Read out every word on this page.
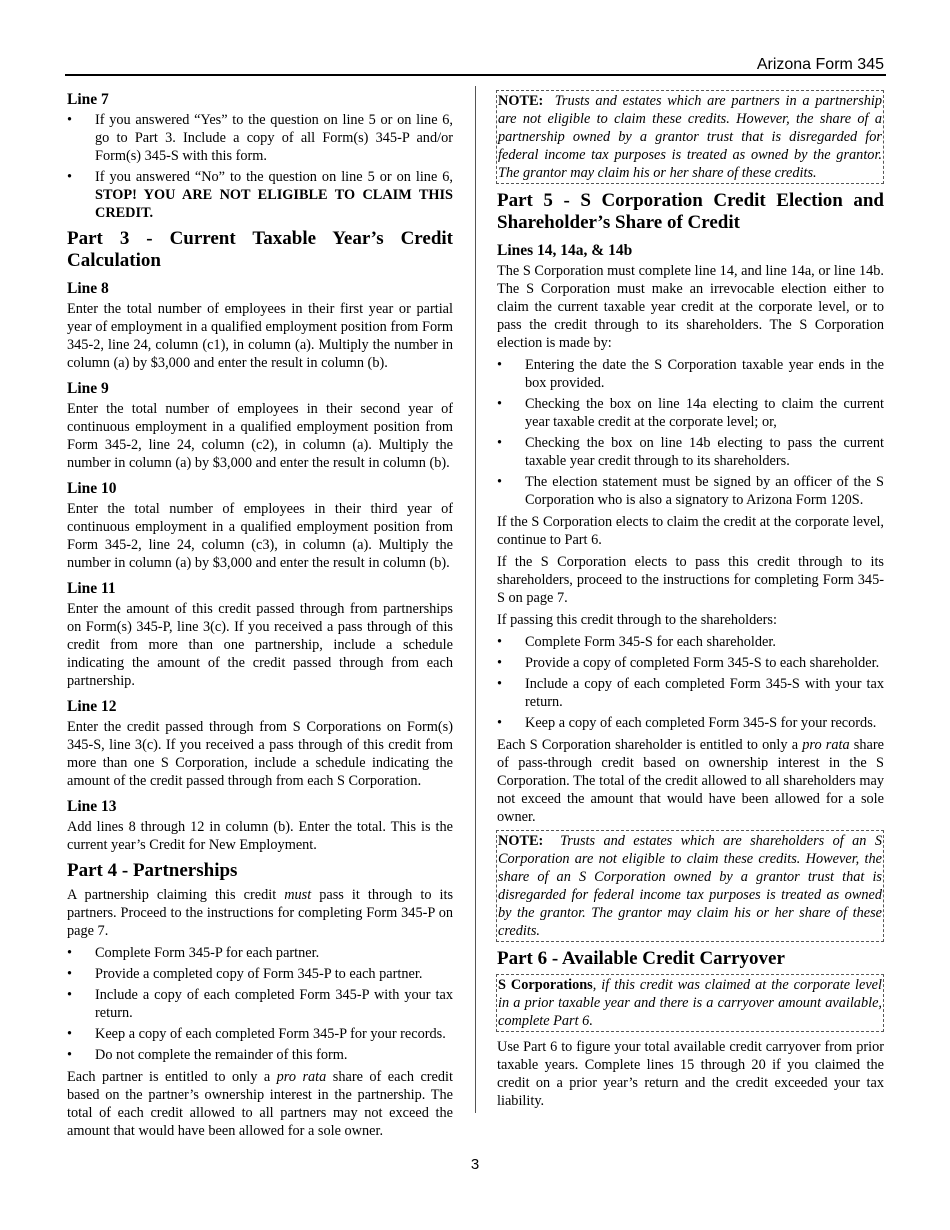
Arizona Form 345
Line 7
• If you answered “Yes” to the question on line 5 or on line 6, go to Part 3. Include a copy of all Form(s) 345-P and/or Form(s) 345-S with this form.
• If you answered “No” to the question on line 5 or on line 6, STOP! YOU ARE NOT ELIGIBLE TO CLAIM THIS CREDIT.
Part 3 - Current Taxable Year’s Credit Calculation
Line 8

Enter the total number of employees in their first year or partial year of employment in a qualified employment position from Form 345-2, line 24, column (c1), in column (a). Multiply the number in column (a) by $3,000 and enter the result in column (b).

Line 9

Enter the total number of employees in their second year of continuous employment in a qualified employment position from Form 345-2, line 24, column (c2), in column (a). Multiply the number in column (a) by $3,000 and enter the result in column (b).

Line 10

Enter the total number of employees in their third year of continuous employment in a qualified employment position from Form 345-2, line 24, column (c3), in column (a). Multiply the number in column (a) by $3,000 and enter the result in column (b).

Line 11

Enter the amount of this credit passed through from partnerships on Form(s) 345-P, line 3(c). If you received a pass through of this credit from more than one partnership, include a schedule indicating the amount of the credit passed through from each partnership.

Line 12

Enter the credit passed through from S Corporations on Form(s) 345-S, line 3(c). If you received a pass through of this credit from more than one S Corporation, include a schedule indicating the amount of the credit passed through from each S Corporation.

Line 13

Add lines 8 through 12 in column (b). Enter the total. This is the current year’s Credit for New Employment.

Part 4 - Partnerships

A partnership claiming this credit must pass it through to its partners. Proceed to the instructions for completing Form 345-P on page 7.

• Complete Form 345-P for each partner.
• Provide a completed copy of Form 345-P to each partner.
• Include a copy of each completed Form 345-P with your tax return.
• Keep a copy of each completed Form 345-P for your records.
• Do not complete the remainder of this form.

Each partner is entitled to only a pro rata share of each credit based on the partner’s ownership interest in the partnership. The total of each credit allowed to all partners may not exceed the amount that would have been allowed for a sole owner.

NOTE: Trusts and estates which are partners in a partnership are not eligible to claim these credits. However, the share of a partnership owned by a grantor trust that is disregarded for federal income tax purposes is treated as owned by the grantor. The grantor may claim his or her share of these credits.
Part 5 - S Corporation Credit Election and Shareholder’s Share of Credit
Lines 14, 14a, & 14b

The S Corporation must complete line 14, and line 14a, or line 14b. The S Corporation must make an irrevocable election either to claim the current taxable year credit at the corporate level, or to pass the credit through to its shareholders. The S Corporation election is made by:

• Entering the date the S Corporation taxable year ends in the box provided.
• Checking the box on line 14a electing to claim the current year taxable credit at the corporate level; or,
• Checking the box on line 14b electing to pass the current taxable year credit through to its shareholders.
• The election statement must be signed by an officer of the S Corporation who is also a signatory to Arizona Form 120S.

If the S Corporation elects to claim the credit at the corporate level, continue to Part 6.

If the S Corporation elects to pass this credit through to its shareholders, proceed to the instructions for completing Form 345-S on page 7.

If passing this credit through to the shareholders:

• Complete Form 345-S for each shareholder.
• Provide a copy of completed Form 345-S to each shareholder.
• Include a copy of each completed Form 345-S with your tax return.
• Keep a copy of each completed Form 345-S for your records.

Each S Corporation shareholder is entitled to only a pro rata share of pass-through credit based on ownership interest in the S Corporation. The total of the credit allowed to all shareholders may not exceed the amount that would have been allowed for a sole owner.

NOTE: Trusts and estates which are shareholders of an S Corporation are not eligible to claim these credits. However, the share of an S Corporation owned by a grantor trust that is disregarded for federal income tax purposes is treated as owned by the grantor. The grantor may claim his or her share of these credits.
Part 6 - Available Credit Carryover
S Corporations, if this credit was claimed at the corporate level in a prior taxable year and there is a carryover amount available, complete Part 6.

Use Part 6 to figure your total available credit carryover from prior taxable years. Complete lines 15 through 20 if you claimed the credit on a prior year’s return and the credit exceeded your tax liability.

3
